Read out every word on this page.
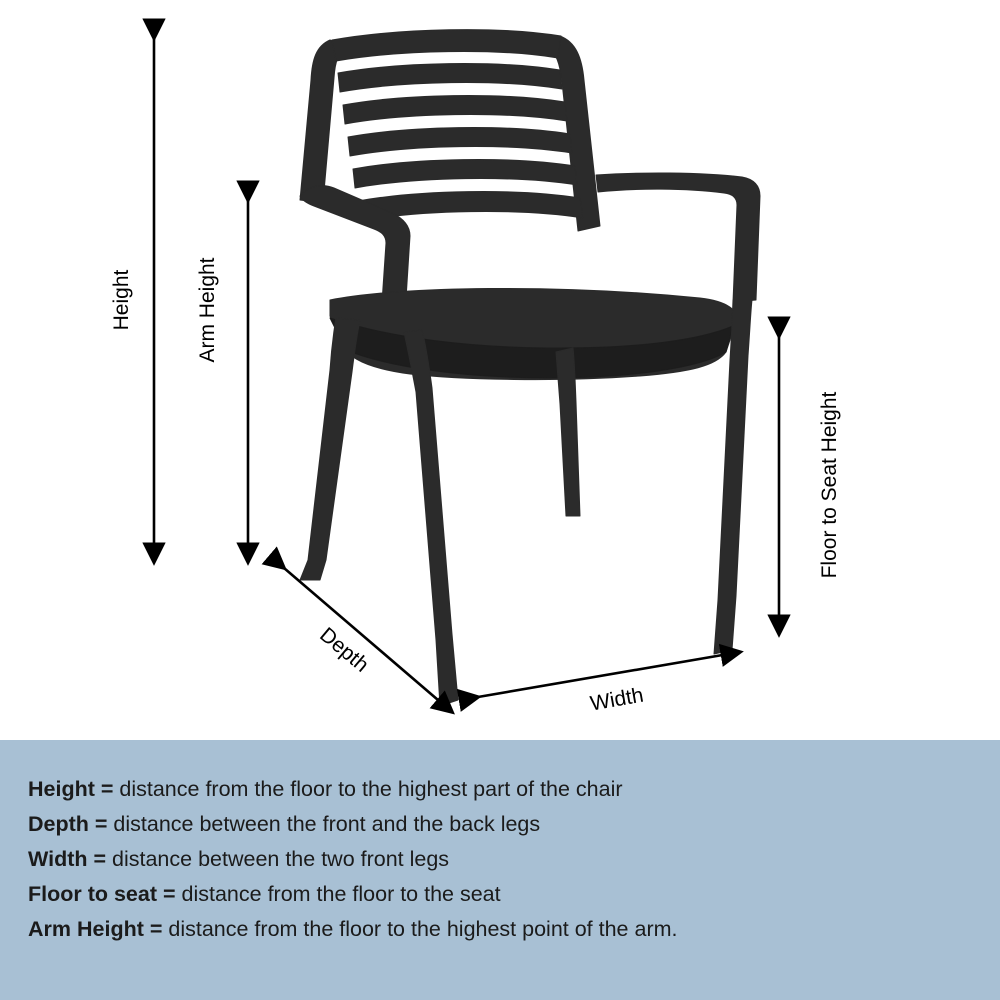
Height	Arm Height
Floor to Seat Height
Depth
Width
Height = distance from the floor to the highest part of the chair
Depth = distance between the front and the back legs
Width = distance between the two front legs
Floor to seat = distance from the floor to the seat
Arm Height = distance from the floor to the highest point of the arm.
